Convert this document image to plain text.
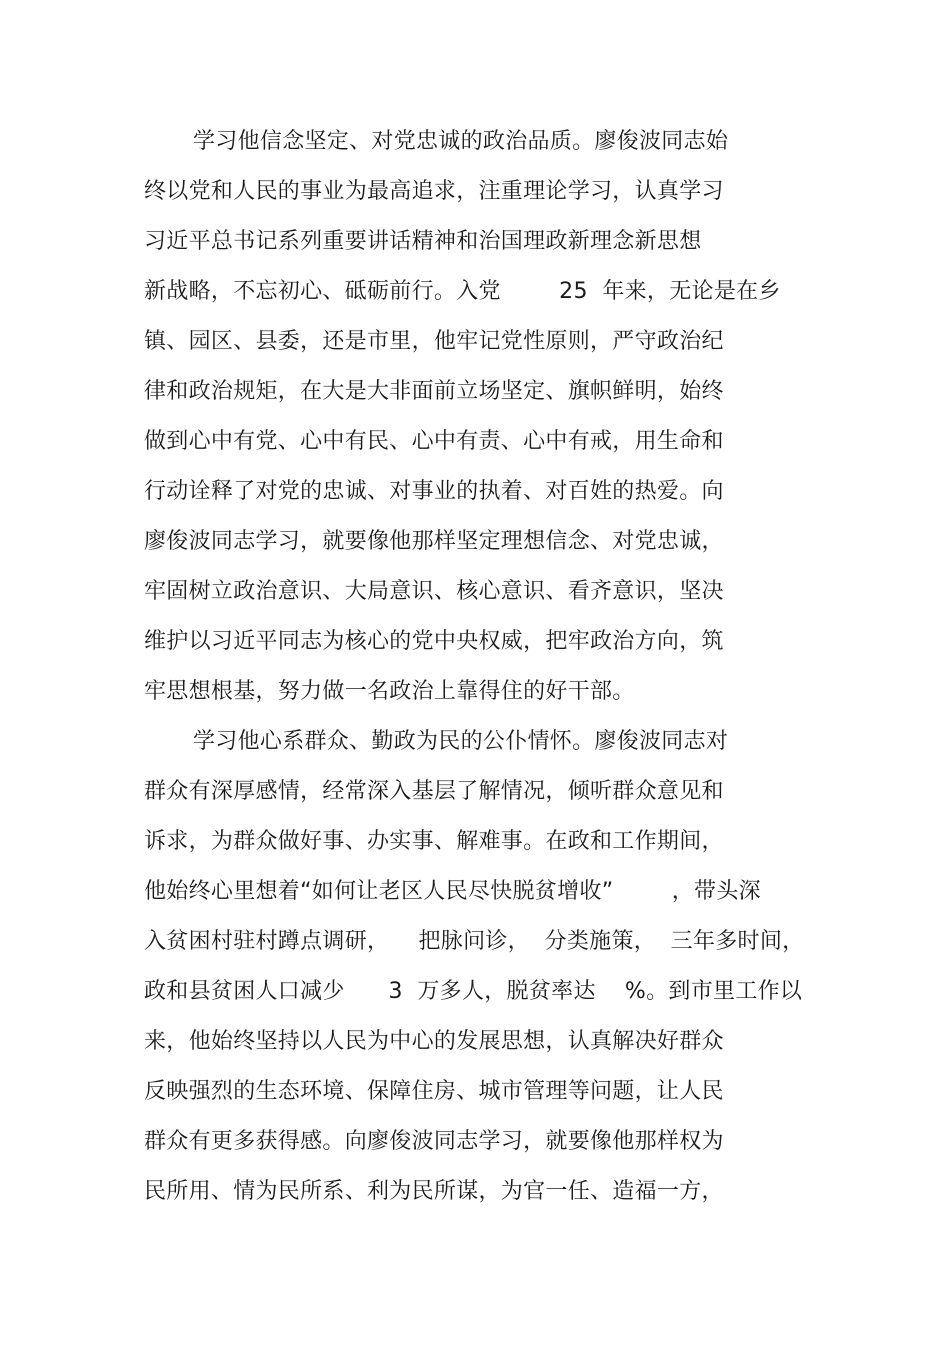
学习他信念坚定、对党忠诚的政治品质。廖俊波同志始
终以党和人民的事业为最高追求，注重理论学习，认真学习
习近平总书记系列重要讲话精神和治国理政新理念新思想
新战略，不忘初心、砥砺前行。入党        25  年来，无论是在乡
镇、园区、县委，还是市里，他牢记党性原则，严守政治纪
律和政治规矩，在大是大非面前立场坚定、旗帜鲜明，始终
做到心中有党、心中有民、心中有责、心中有戒，用生命和
行动诠释了对党的忠诚、对事业的执着、对百姓的热爱。向
廖俊波同志学习，就要像他那样坚定理想信念、对党忠诚，
牢固树立政治意识、大局意识、核心意识、看齐意识，坚决
维护以习近平同志为核心的党中央权威，把牢政治方向，筑
牢思想根基，努力做一名政治上靠得住的好干部。
学习他心系群众、勤政为民的公仆情怀。廖俊波同志对
群众有深厚感情，经常深入基层了解情况，倾听群众意见和
诉求，为群众做好事、办实事、解难事。在政和工作期间，
他始终心里想着“如何让老区人民尽快脱贫增收”        ，带头深
入贫困村驻村蹲点调研，    把脉问诊，  分类施策，  三年多时间，
政和县贫困人口减少      3  万多人，脱贫率达    %。到市里工作以
来，他始终坚持以人民为中心的发展思想，认真解决好群众
反映强烈的生态环境、保障住房、城市管理等问题，让人民
群众有更多获得感。向廖俊波同志学习，就要像他那样权为
民所用、情为民所系、利为民所谋，为官一任、造福一方，
